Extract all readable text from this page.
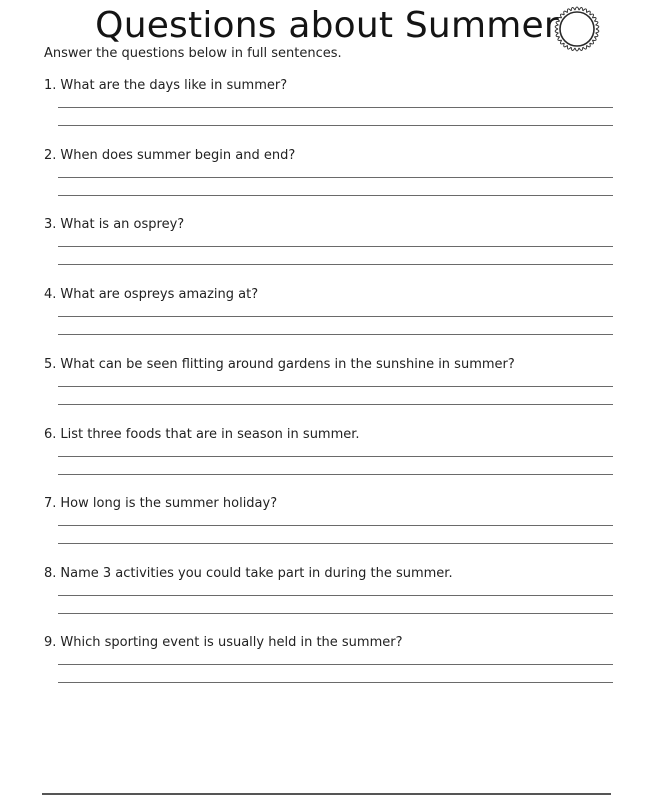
Questions about Summer

Answer the questions below in full sentences.

1. What are the days like in summer?

2. When does summer begin and end?

3. What is an osprey?

4. What are ospreys amazing at?

5. What can be seen flitting around gardens in the sunshine in summer?

6. List three foods that are in season in summer.

7. How long is the summer holiday?

8. Name 3 activities you could take part in during the summer.

9. Which sporting event is usually held in the summer?
